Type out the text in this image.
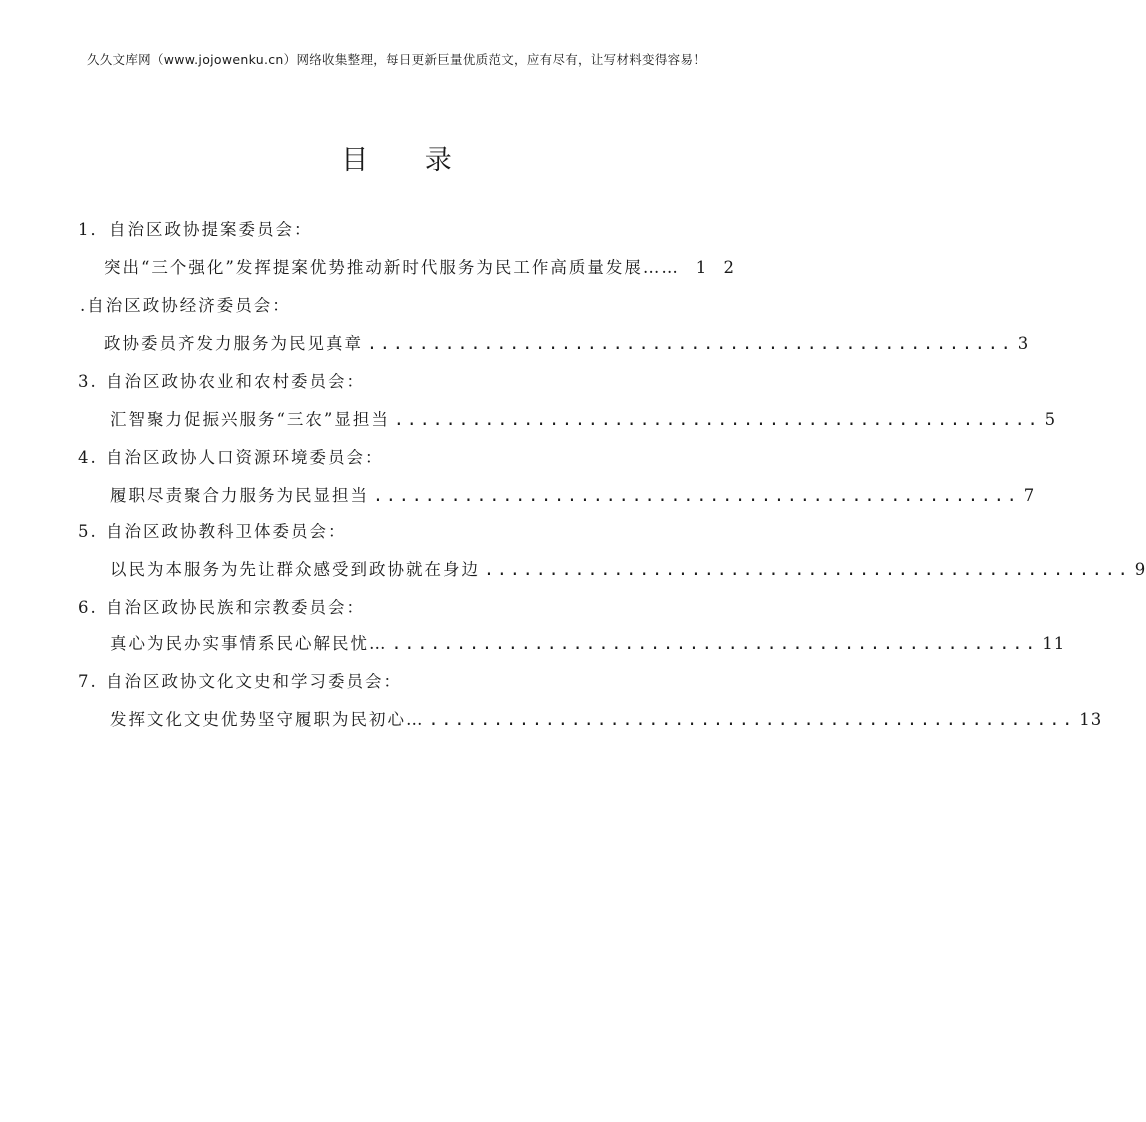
久久文库网（www.jojowenku.cn）网络收集整理，每日更新巨量优质范文，应有尽有，让写材料变得容易！
目 录
1．自治区政协提案委员会：
突出“三个强化”发挥提案优势推动新时代服务为民工作高质量发展…… 1 2
.自治区政协经济委员会：
政协委员齐发力服务为民见真章 .................................................. 3
3. 自治区政协农业和农村委员会：
汇智聚力促振兴服务“三农”显担当 .................................................. 5
4. 自治区政协人口资源环境委员会：
履职尽责聚合力服务为民显担当 .................................................. 7
5. 自治区政协教科卫体委员会：
以民为本服务为先让群众感受到政协就在身边 .................................................. 9
6. 自治区政协民族和宗教委员会：
真心为民办实事情系民心解民忧… .................................................. 11
7. 自治区政协文化文史和学习委员会：
发挥文化文史优势坚守履职为民初心… .................................................. 13
